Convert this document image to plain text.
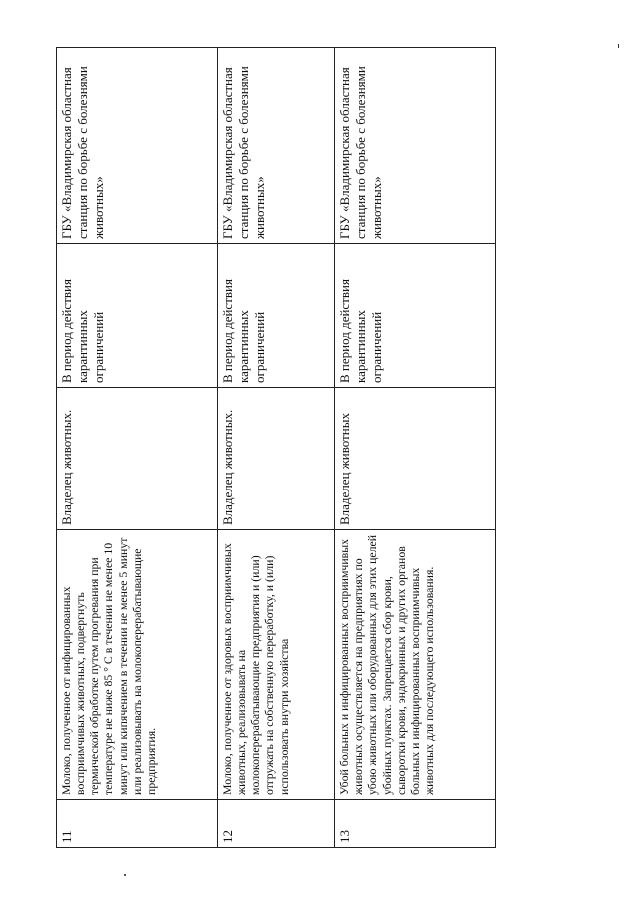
11	Молоко, полученное от инфицированных восприимчивых животных, подвергнуть термической обработке путем прогревания при температуре не ниже 85 ° С в течении не менее 10 минут или кипячением в течении не менее 5 минут или реализовывать на молокоперерабатывающие предприятия.	Владелец животных.	В период действия карантинных ограничений	ГБУ «Владимирская областная станция по борьбе с болезнями животных»
12	Молоко, полученное от здоровых восприимчивых животных, реализовывать на молокоперерабатывающие предприятия и (или) отгружать на собственную переработку, и (или) использовать внутри хозяйства	Владелец животных.	В период действия карантинных ограничений	ГБУ «Владимирская областная станция по борьбе с болезнями животных»
13	Убой больных и инфицированных восприимчивых животных осуществляется на предприятиях по убою животных или оборудованных для этих целей убойных пунктах. Запрещается сбор крови, сыворотки крови, эндокринных и других органов больных и инфицированных восприимчивых животных для последующего использования.	Владелец животных	В период действия карантинных ограничений	ГБУ «Владимирская областная станция по борьбе с болезнями животных»
